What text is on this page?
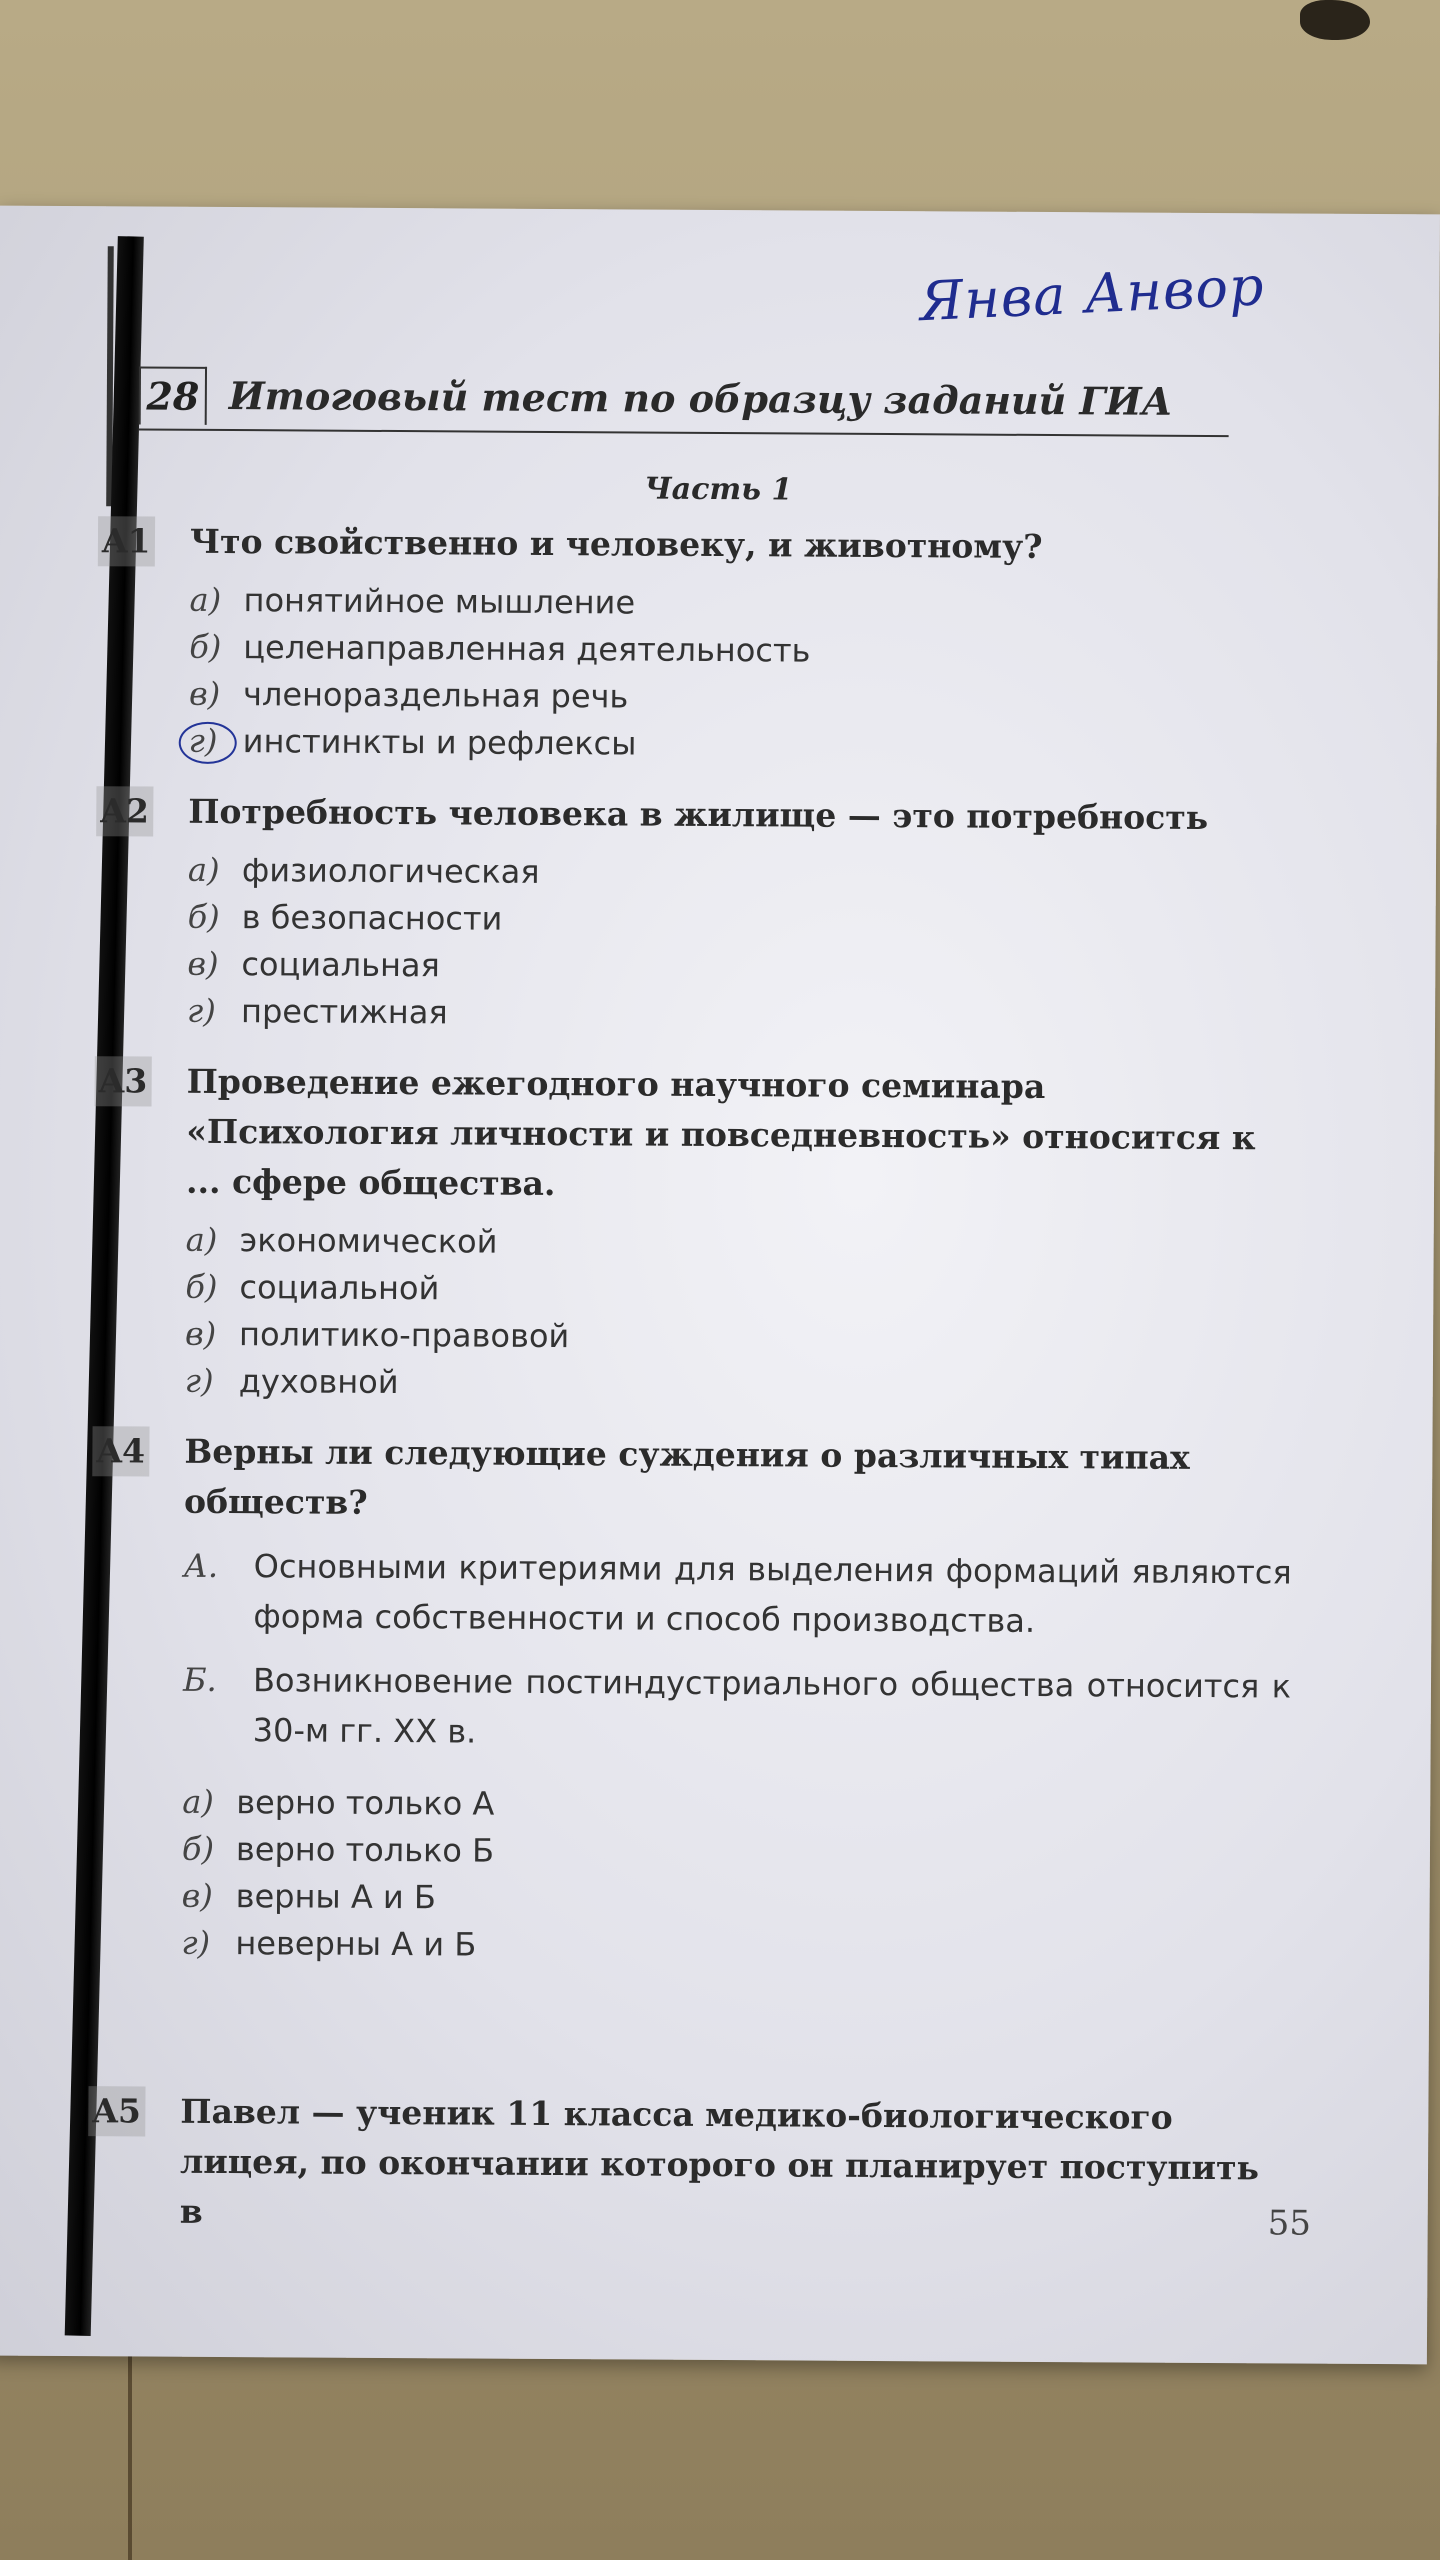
Янва Анвор
28 Итоговый тест по образцу заданий ГИА
Часть 1
A1 Что свойственно и человеку, и животному?
а) понятийное мышление
б) целенаправленная деятельность
в) членораздельная речь
г) инстинкты и рефлексы
A2 Потребность человека в жилище — это потребность
а) физиологическая
б) в безопасности
в) социальная
г) престижная
A3 Проведение ежегодного научного семинара «Психология личности и повседневность» относится к ... сфере общества.
а) экономической
б) социальной
в) политико-правовой
г) духовной
A4 Верны ли следующие суждения о различных типах обществ?
А. Основными критериями для выделения формаций являются форма собственности и способ производства.
Б. Возникновение постиндустриального общества относится к 30-м гг. XX в.
а) верно только А
б) верно только Б
в) верны А и Б
г) неверны А и Б
A5 Павел — ученик 11 класса медико-биологического лицея, по окончании которого он планирует поступить в	55
